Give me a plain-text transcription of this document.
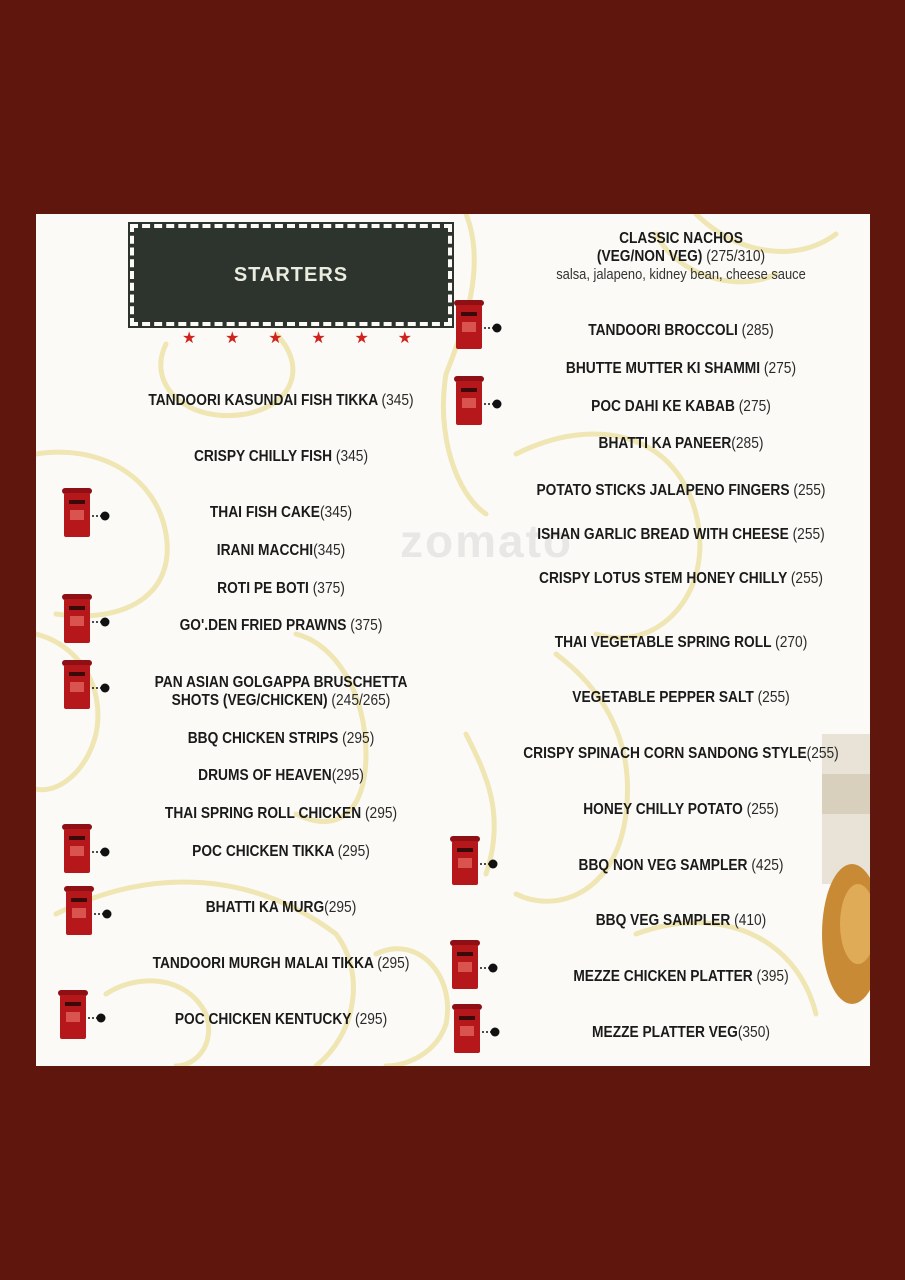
zomato
STARTERS
★ ★ ★ ★ ★ ★
TANDOORI KASUNDAI FISH TIKKA (345)
CRISPY CHILLY FISH (345)
THAI FISH CAKE(345)
IRANI MACCHI(345)
ROTI PE BOTI (375)
GO'.DEN FRIED PRAWNS (375)
PAN ASIAN GOLGAPPA BRUSCHETTA
SHOTS (VEG/CHICKEN) (245/265)
BBQ CHICKEN STRIPS (295)
DRUMS OF HEAVEN(295)
THAI SPRING ROLL CHICKEN (295)
POC CHICKEN TIKKA (295)
BHATTI KA MURG(295)
TANDOORI MURGH MALAI TIKKA (295)
POC CHICKEN KENTUCKY (295)
CLASSIC NACHOS
(VEG/NON VEG) (275/310)
salsa, jalapeno, kidney bean, cheese sauce
TANDOORI BROCCOLI (285)
BHUTTE MUTTER KI SHAMMI (275)
POC DAHI KE KABAB (275)
BHATTI KA PANEER(285)
POTATO STICKS JALAPENO FINGERS (255)
ISHAN GARLIC BREAD WITH CHEESE (255)
CRISPY LOTUS STEM HONEY CHILLY (255)
THAI VEGETABLE SPRING ROLL (270)
VEGETABLE PEPPER SALT (255)
CRISPY SPINACH CORN SANDONG STYLE(255)
HONEY CHILLY POTATO (255)
BBQ NON VEG SAMPLER (425)
BBQ VEG SAMPLER (410)
MEZZE CHICKEN PLATTER (395)
MEZZE PLATTER VEG(350)
